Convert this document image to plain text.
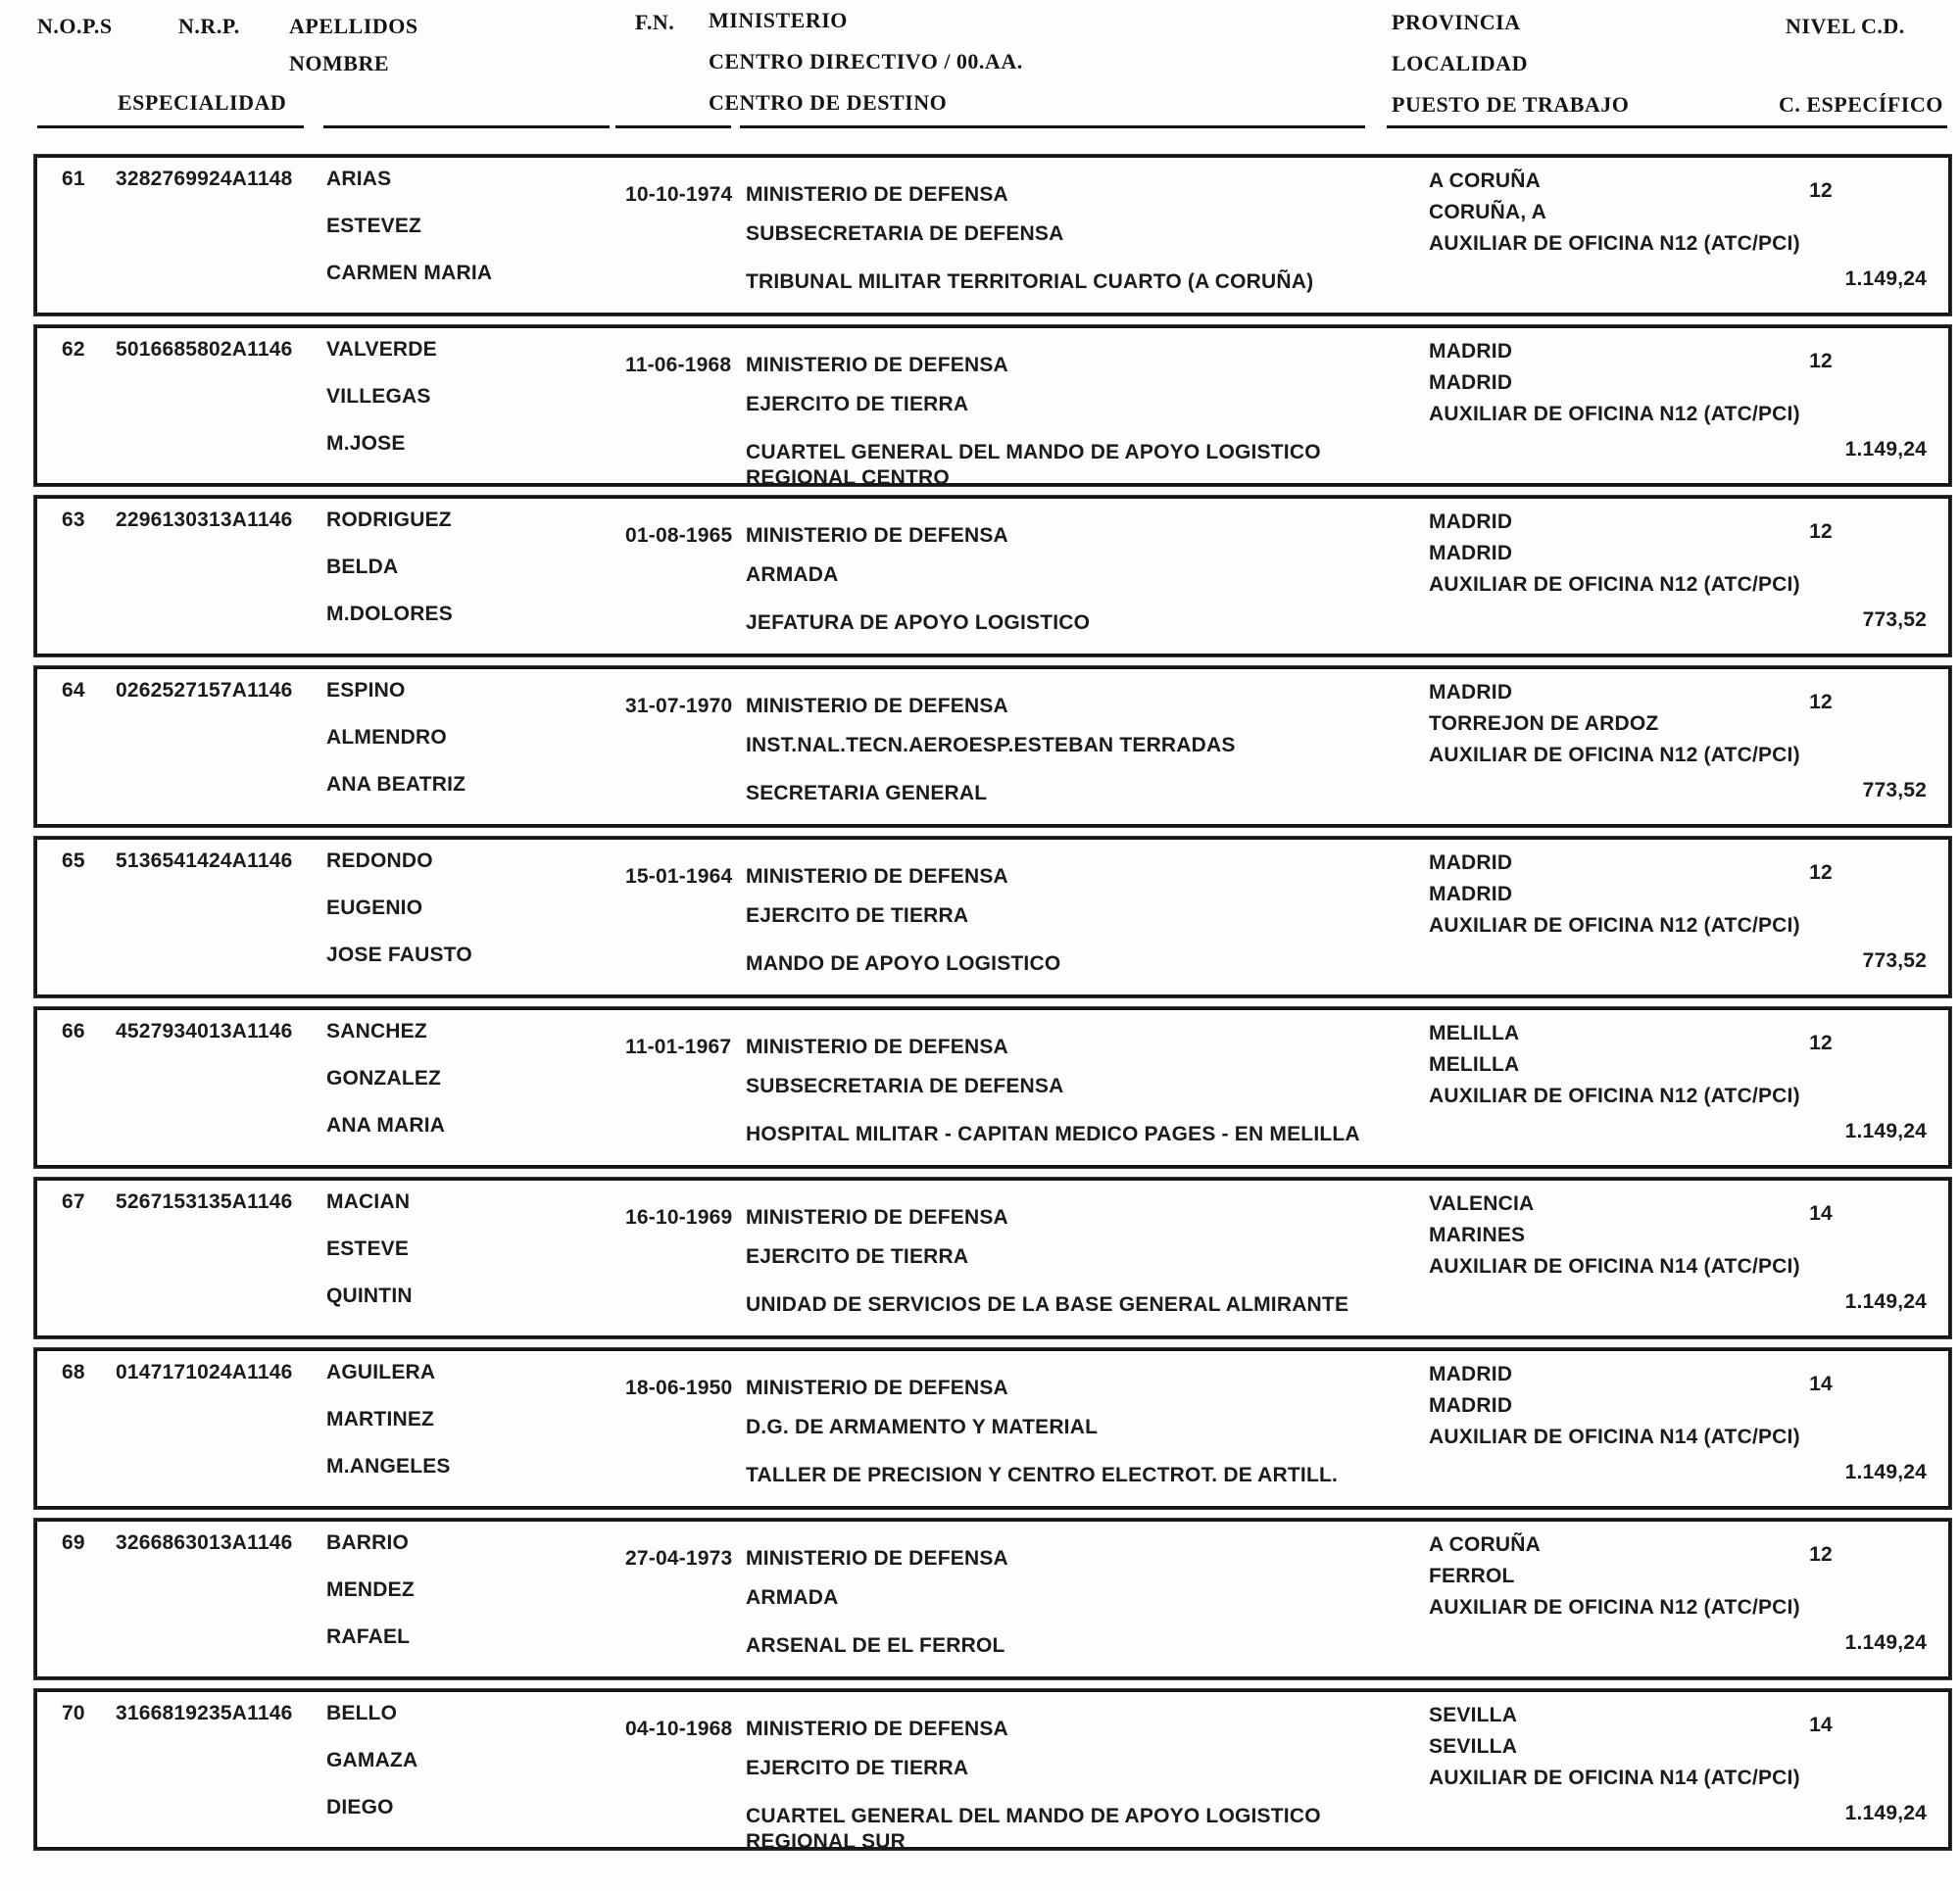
N.O.P.S	N.R.P. APELLIDOS
NOMBRE
ESPECIALIDAD
F.N. MINISTERIO
CENTRO DIRECTIVO / 00.AA.
CENTRO DE DESTINO
PROVINCIA
LOCALIDAD
PUESTO DE TRABAJO
NIVEL C.D.
C. ESPECÍFICO
61 3282769924A1148 ARIAS
ESTEVEZ
CARMEN MARIA
10-10-1974 MINISTERIO DE DEFENSA
SUBSECRETARIA DE DEFENSA
TRIBUNAL MILITAR TERRITORIAL CUARTO (A CORUÑA)
A CORUÑA
CORUÑA, A
AUXILIAR DE OFICINA N12 (ATC/PCI)
12
1.149,24
62 5016685802A1146 VALVERDE
VILLEGAS
M.JOSE
11-06-1968 MINISTERIO DE DEFENSA
EJERCITO DE TIERRA
CUARTEL GENERAL DEL MANDO DE APOYO LOGISTICO
REGIONAL CENTRO
MADRID
MADRID
AUXILIAR DE OFICINA N12 (ATC/PCI)
12
1.149,24
63 2296130313A1146 RODRIGUEZ
BELDA
M.DOLORES
01-08-1965 MINISTERIO DE DEFENSA
ARMADA
JEFATURA DE APOYO LOGISTICO
MADRID
MADRID
AUXILIAR DE OFICINA N12 (ATC/PCI)
12
773,52
64 0262527157A1146 ESPINO
ALMENDRO
ANA BEATRIZ
31-07-1970 MINISTERIO DE DEFENSA
INST.NAL.TECN.AEROESP.ESTEBAN TERRADAS
SECRETARIA GENERAL
MADRID
TORREJON DE ARDOZ
AUXILIAR DE OFICINA N12 (ATC/PCI)
12
773,52
65 5136541424A1146 REDONDO
EUGENIO
JOSE FAUSTO
15-01-1964 MINISTERIO DE DEFENSA
EJERCITO DE TIERRA
MANDO DE APOYO LOGISTICO
MADRID
MADRID
AUXILIAR DE OFICINA N12 (ATC/PCI)
12
773,52
66 4527934013A1146 SANCHEZ
GONZALEZ
ANA MARIA
11-01-1967 MINISTERIO DE DEFENSA
SUBSECRETARIA DE DEFENSA
HOSPITAL MILITAR - CAPITAN MEDICO PAGES - EN MELILLA
MELILLA
MELILLA
AUXILIAR DE OFICINA N12 (ATC/PCI)
12
1.149,24
67 5267153135A1146 MACIAN
ESTEVE
QUINTIN
16-10-1969 MINISTERIO DE DEFENSA
EJERCITO DE TIERRA
UNIDAD DE SERVICIOS DE LA BASE GENERAL ALMIRANTE
VALENCIA
MARINES
AUXILIAR DE OFICINA N14 (ATC/PCI)
14
1.149,24
68 0147171024A1146 AGUILERA
MARTINEZ
M.ANGELES
18-06-1950 MINISTERIO DE DEFENSA
D.G. DE ARMAMENTO Y MATERIAL
TALLER DE PRECISION Y CENTRO ELECTROT. DE ARTILL.
MADRID
MADRID
AUXILIAR DE OFICINA N14 (ATC/PCI)
14
1.149,24
69 3266863013A1146 BARRIO
MENDEZ
RAFAEL
27-04-1973 MINISTERIO DE DEFENSA
ARMADA
ARSENAL DE EL FERROL
A CORUÑA
FERROL
AUXILIAR DE OFICINA N12 (ATC/PCI)
12
1.149,24
70 3166819235A1146 BELLO
GAMAZA
DIEGO
04-10-1968 MINISTERIO DE DEFENSA
EJERCITO DE TIERRA
CUARTEL GENERAL DEL MANDO DE APOYO LOGISTICO
REGIONAL SUR
SEVILLA
SEVILLA
AUXILIAR DE OFICINA N14 (ATC/PCI)
14
1.149,24
